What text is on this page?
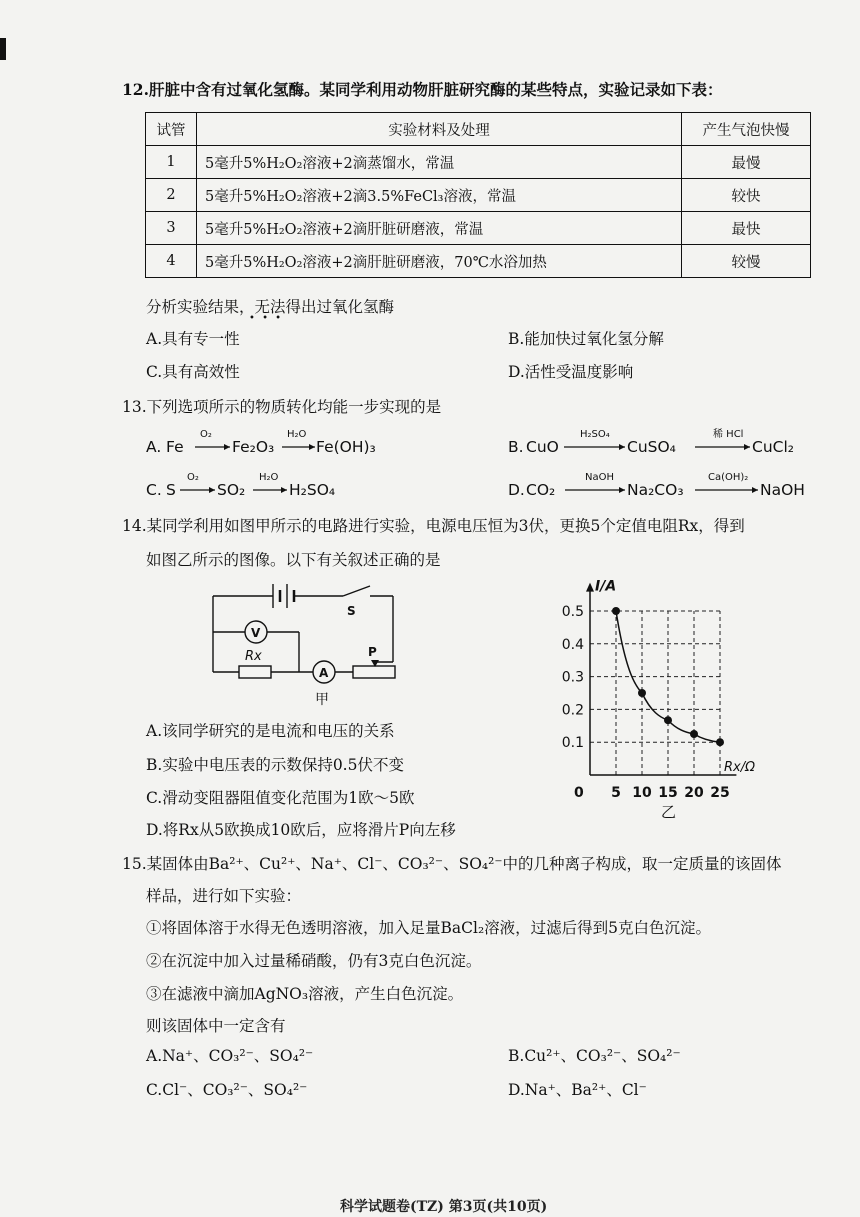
12.肝脏中含有过氧化氢酶。某同学利用动物肝脏研究酶的某些特点，实验记录如下表：
试管	实验材料及处理	产生气泡快慢
1	5毫升5%H₂O₂溶液+2滴蒸馏水，常温	最慢
2	5毫升5%H₂O₂溶液+2滴3.5%FeCl₃溶液，常温	较快
3	5毫升5%H₂O₂溶液+2滴肝脏研磨液，常温	最快
4	5毫升5%H₂O₂溶液+2滴肝脏研磨液，70℃水浴加热	较慢
分析实验结果，无法得出过氧化氢酶
• • •
A.具有专一性	B.能加快过氧化氢分解
C.具有高效性	D.活性受温度影响
13.下列选项所示的物质转化均能一步实现的是
A. Fe
O₂
Fe₂O₃
H₂O
Fe(OH)₃	B. CuO
H₂SO₄
CuSO₄
稀 HCl
CuCl₂
C. S
O₂
SO₂
H₂O
H₂SO₄	D. CO₂
NaOH
Na₂CO₃
Ca(OH)₂
NaOH
14.某同学利用如图甲所示的电路进行实验，电源电压恒为3伏，更换5个定值电阻Rx，得到
如图乙所示的图像。以下有关叙述正确的是
V
A
S
Rx	P
甲
0.1
0.2
0.3
0.4
0.5
5 10 15 20 25
0
I/A
Rx/Ω
乙
A.该同学研究的是电流和电压的关系
B.实验中电压表的示数保持0.5伏不变
C.滑动变阻器阻值变化范围为1欧～5欧
D.将Rx从5欧换成10欧后，应将滑片P向左移
15.某固体由Ba²⁺、Cu²⁺、Na⁺、Cl⁻、CO₃²⁻、SO₄²⁻中的几种离子构成，取一定质量的该固体
样品，进行如下实验：
①将固体溶于水得无色透明溶液，加入足量BaCl₂溶液，过滤后得到5克白色沉淀。
②在沉淀中加入过量稀硝酸，仍有3克白色沉淀。
③在滤液中滴加AgNO₃溶液，产生白色沉淀。
则该固体中一定含有
A.Na⁺、CO₃²⁻、SO₄²⁻	B.Cu²⁺、CO₃²⁻、SO₄²⁻
C.Cl⁻、CO₃²⁻、SO₄²⁻	D.Na⁺、Ba²⁺、Cl⁻
科学试题卷(TZ) 第3页(共10页)
